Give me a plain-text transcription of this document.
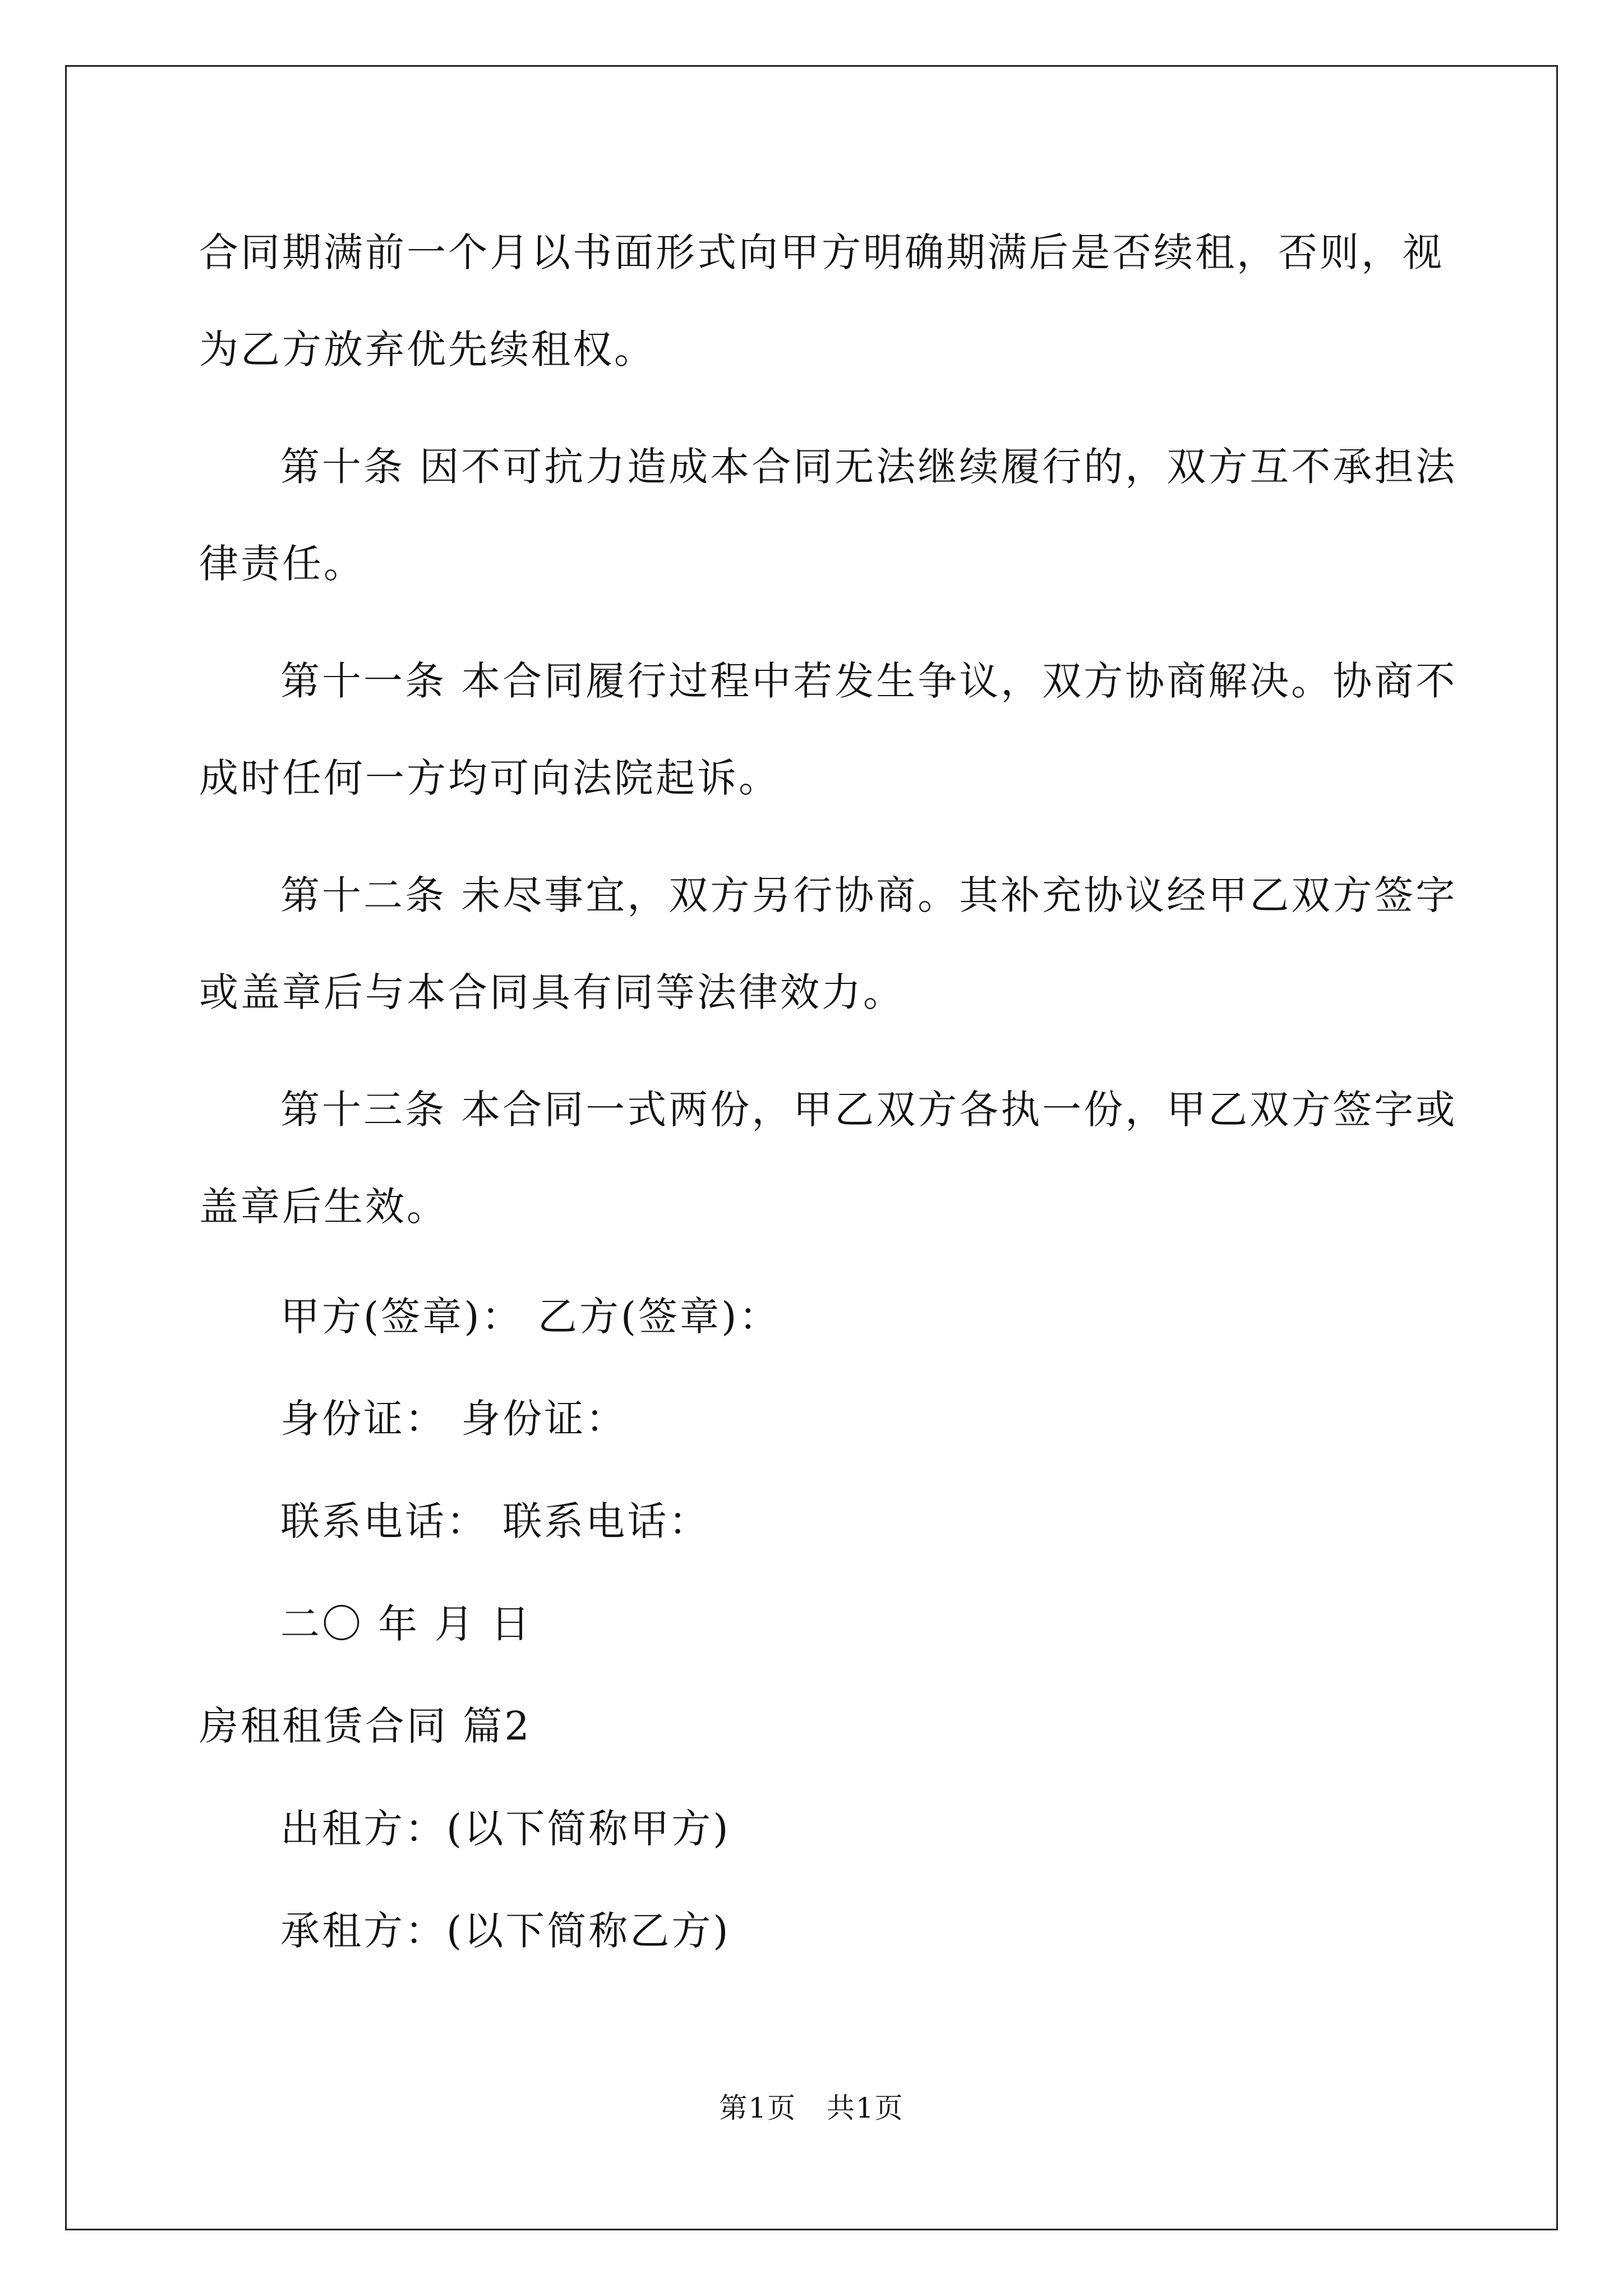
合同期满前一个月以书面形式向甲方明确期满后是否续租，否则，视
为乙方放弃优先续租权。
第十条 因不可抗力造成本合同无法继续履行的，双方互不承担法
律责任。
第十一条 本合同履行过程中若发生争议，双方协商解决。协商不
成时任何一方均可向法院起诉。
第十二条 未尽事宜，双方另行协商。其补充协议经甲乙双方签字
或盖章后与本合同具有同等法律效力。
第十三条 本合同一式两份，甲乙双方各执一份，甲乙双方签字或
盖章后生效。
甲方(签章)： 乙方(签章)：
身份证： 身份证：
联系电话： 联系电话：
二〇 年 月 日
房租租赁合同 篇2
出租方：(以下简称甲方)
承租方：(以下简称乙方)
第1页   共1页
